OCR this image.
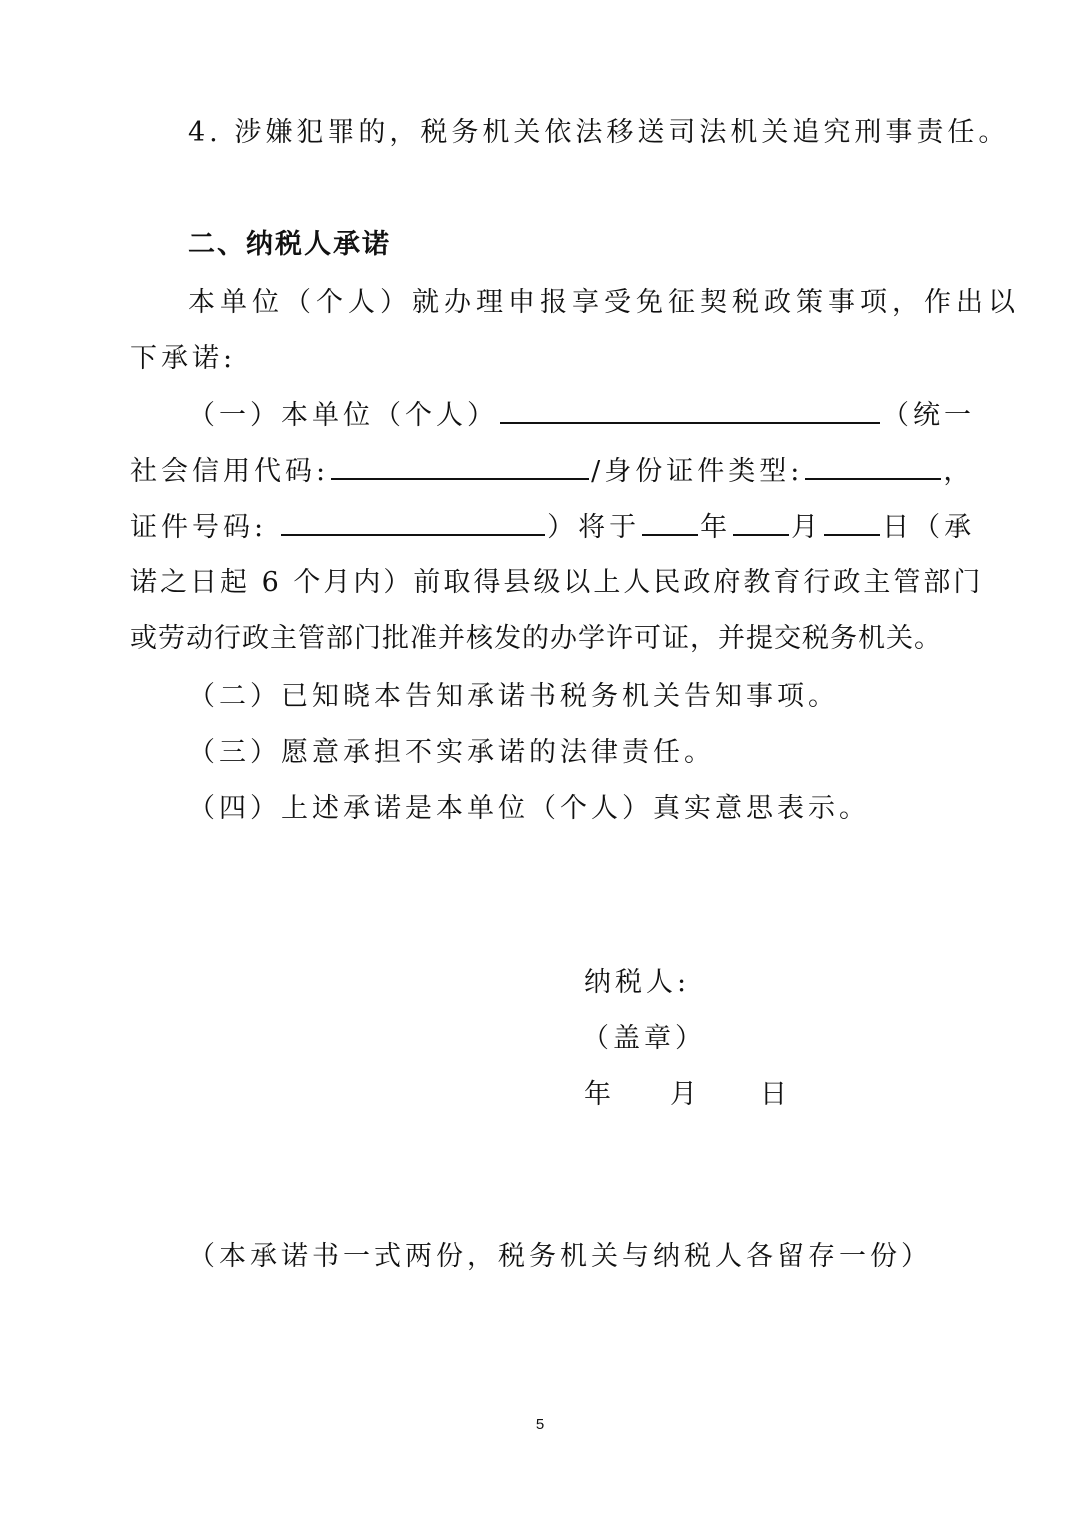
4. 涉嫌犯罪的，税务机关依法移送司法机关追究刑事责任。
二、纳税人承诺
本单位（个人）就办理申报享受免征契税政策事项，作出以
下承诺:
（一）本单位（个人）	（统一
社会信用代码:	/身份证件类型:	，
证件号码:	）将于 年 月 日（承
诺之日起 6 个月内）前取得县级以上人民政府教育行政主管部门
或劳动行政主管部门批准并核发的办学许可证，并提交税务机关。
（二）已知晓本告知承诺书税务机关告知事项。
（三）愿意承担不实承诺的法律责任。
（四）上述承诺是本单位（个人）真实意思表示。
纳税人:
（盖章）
年 月 日
（本承诺书一式两份，税务机关与纳税人各留存一份）
5
